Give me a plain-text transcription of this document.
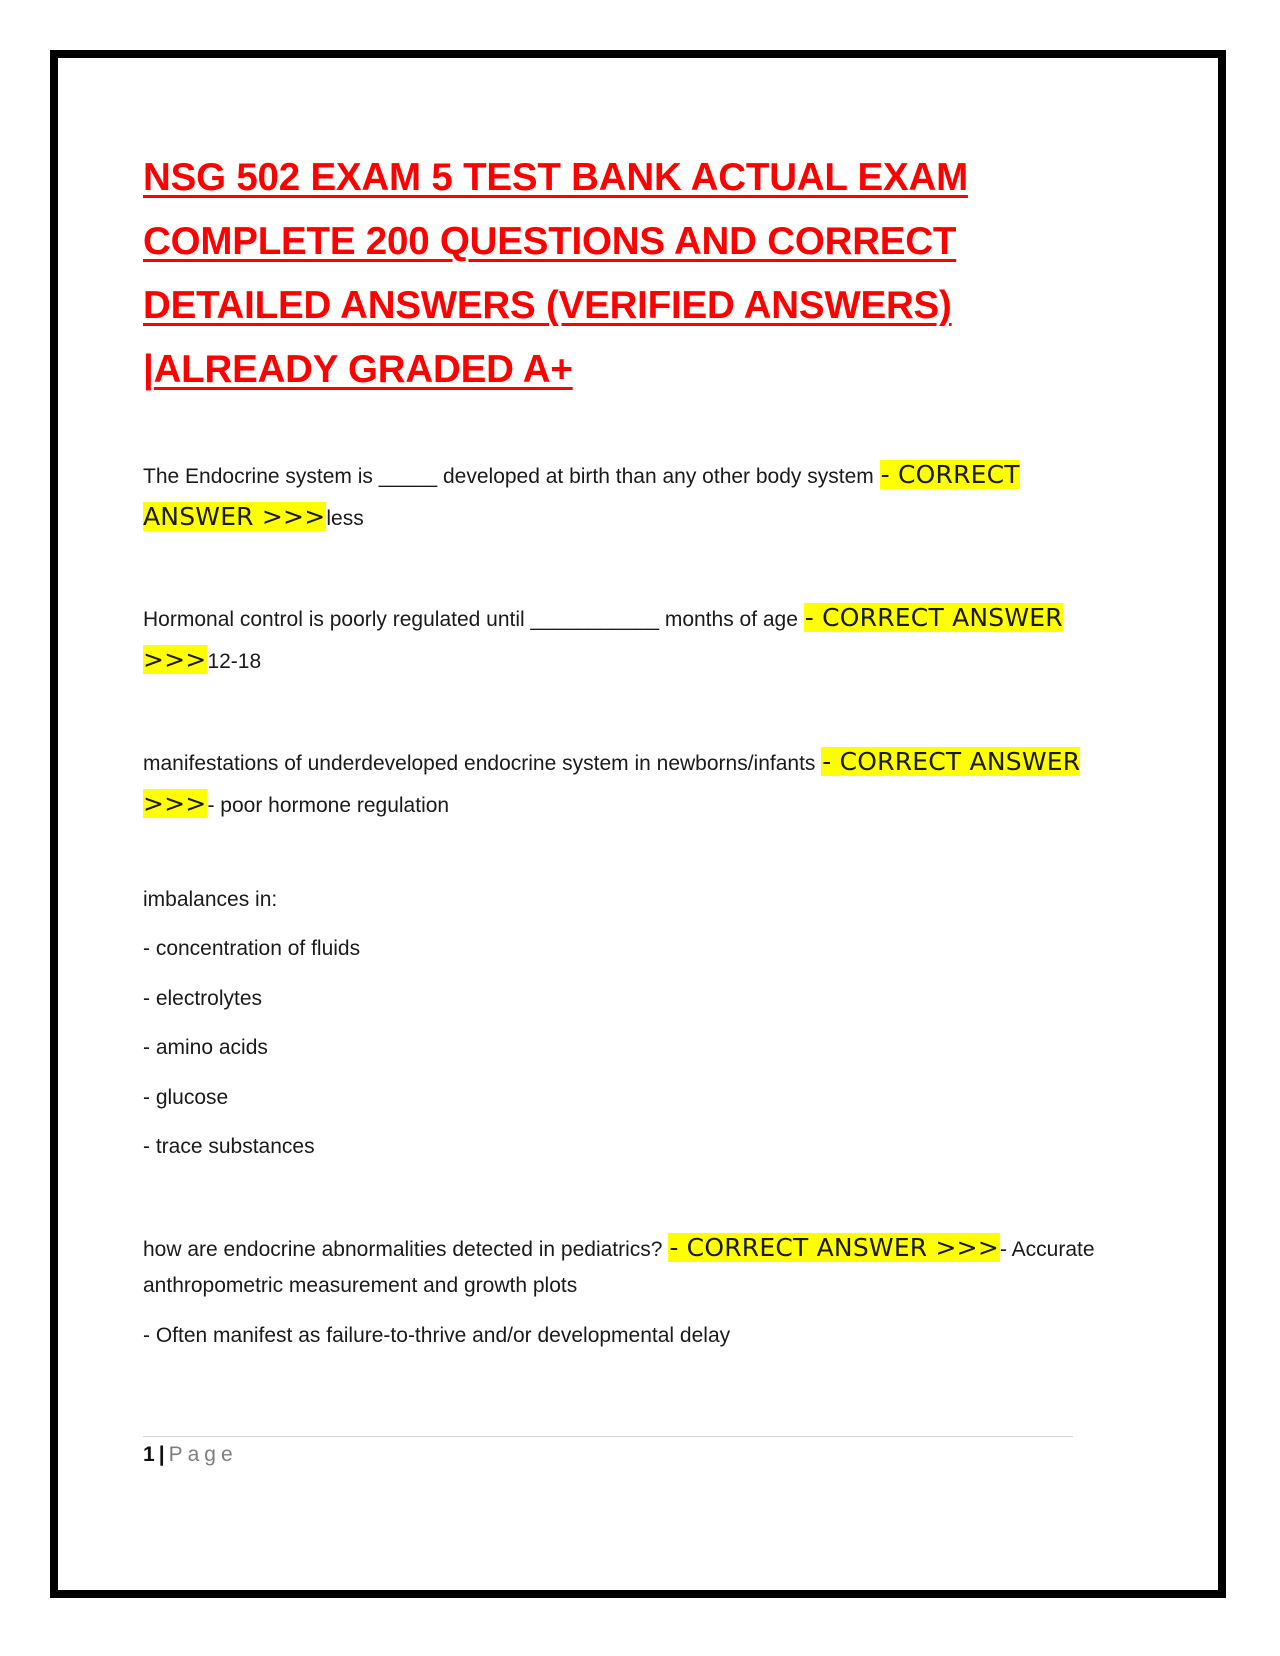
NSG 502 EXAM 5 TEST BANK ACTUAL EXAM COMPLETE 200 QUESTIONS AND CORRECT DETAILED ANSWERS (VERIFIED ANSWERS) |ALREADY GRADED A+

The Endocrine system is _____ developed at birth than any other body system - CORRECT ANSWER >>>less

Hormonal control is poorly regulated until ___________ months of age - CORRECT ANSWER >>>12-18

manifestations of underdeveloped endocrine system in newborns/infants - CORRECT ANSWER >>>- poor hormone regulation

imbalances in:

- concentration of fluids

- electrolytes

- amino acids

- glucose

- trace substances

how are endocrine abnormalities detected in pediatrics? - CORRECT ANSWER >>>- Accurate anthropometric measurement and growth plots

- Often manifest as failure-to-thrive and/or developmental delay

1 | Page
